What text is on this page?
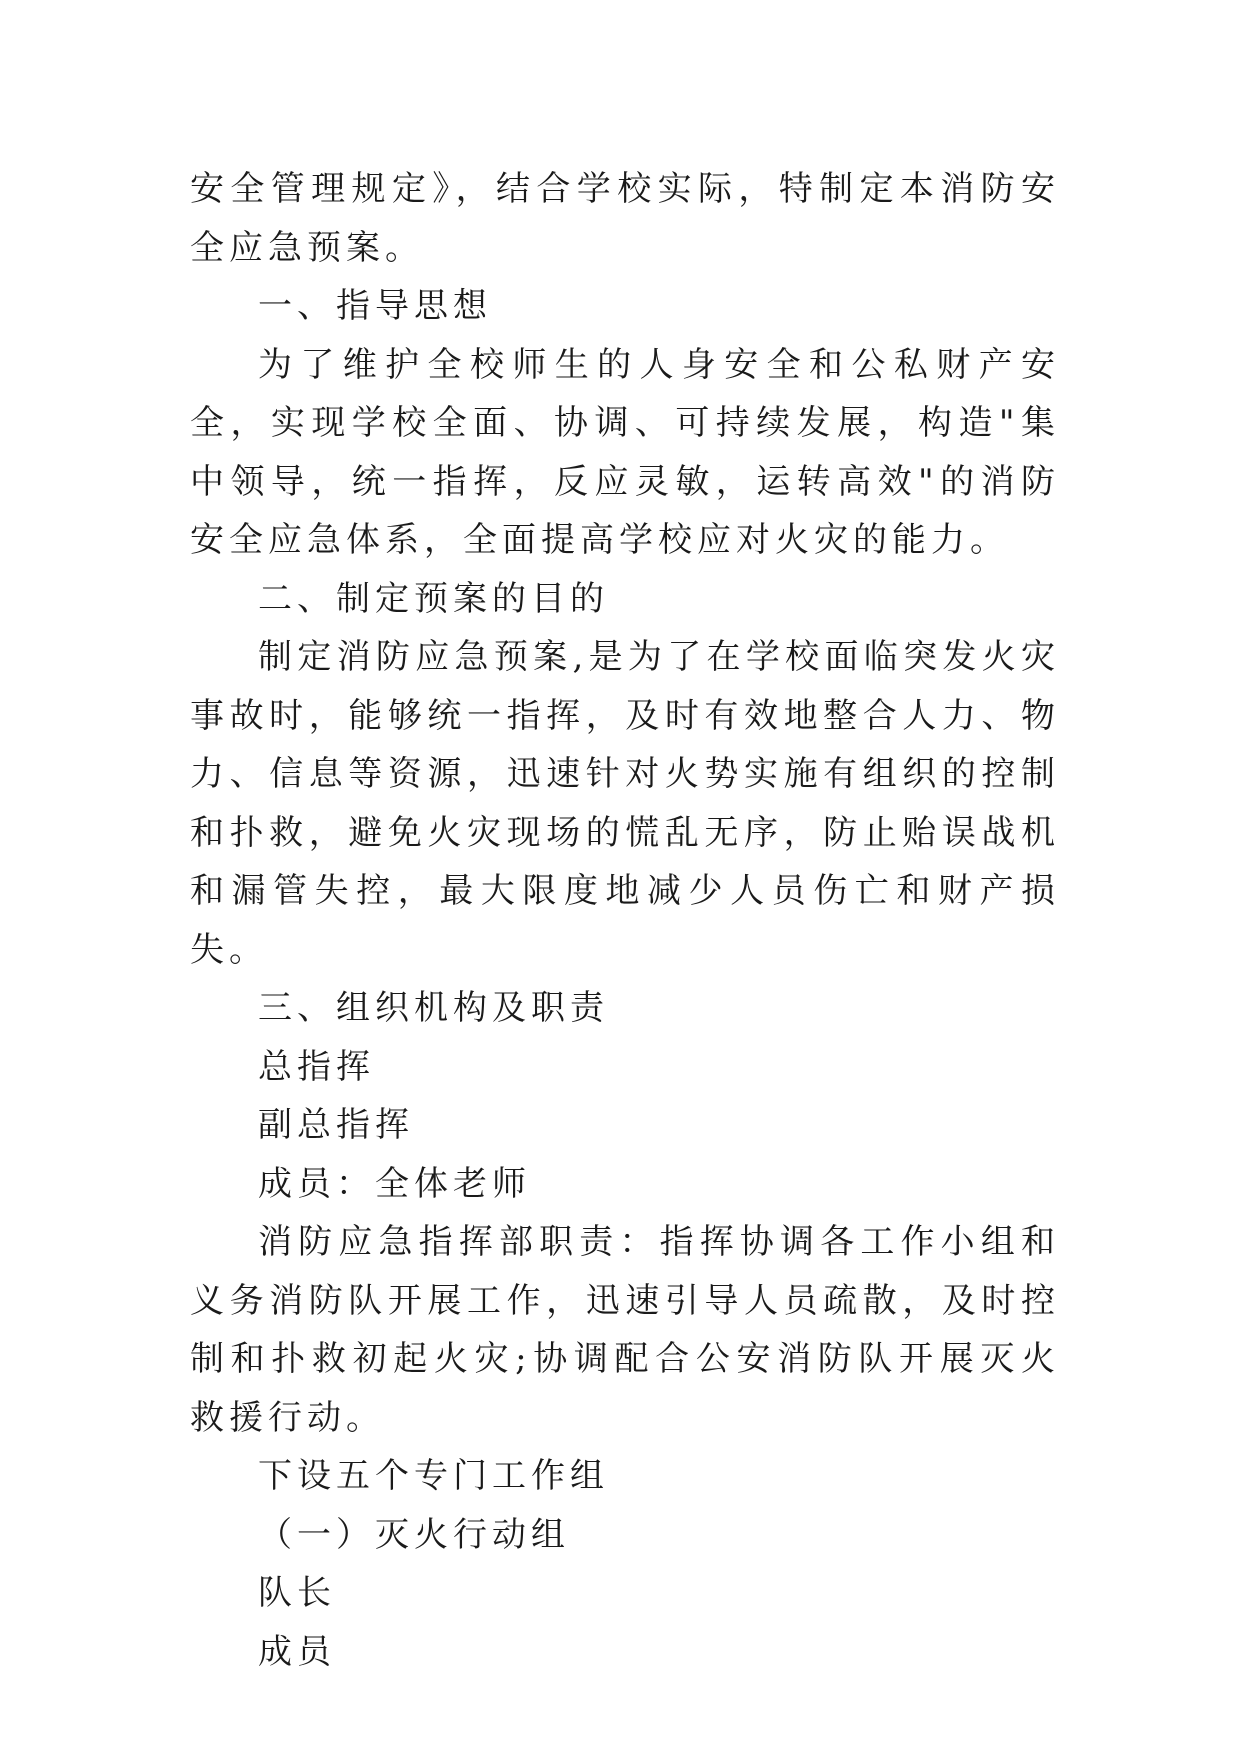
安全管理规定》，结合学校实际，特制定本消防安全应急预案。

一、指导思想

为了维护全校师生的人身安全和公私财产安全，实现学校全面、协调、可持续发展，构造"集中领导，统一指挥，反应灵敏，运转高效"的消防安全应急体系，全面提高学校应对火灾的能力。

二、制定预案的目的

制定消防应急预案,是为了在学校面临突发火灾事故时，能够统一指挥，及时有效地整合人力、物力、信息等资源，迅速针对火势实施有组织的控制和扑救，避免火灾现场的慌乱无序，防止贻误战机和漏管失控，最大限度地减少人员伤亡和财产损失。

三、组织机构及职责

总指挥

副总指挥

成员：全体老师

消防应急指挥部职责：指挥协调各工作小组和义务消防队开展工作，迅速引导人员疏散，及时控制和扑救初起火灾;协调配合公安消防队开展灭火救援行动。

下设五个专门工作组

（一）灭火行动组

队长

成员
